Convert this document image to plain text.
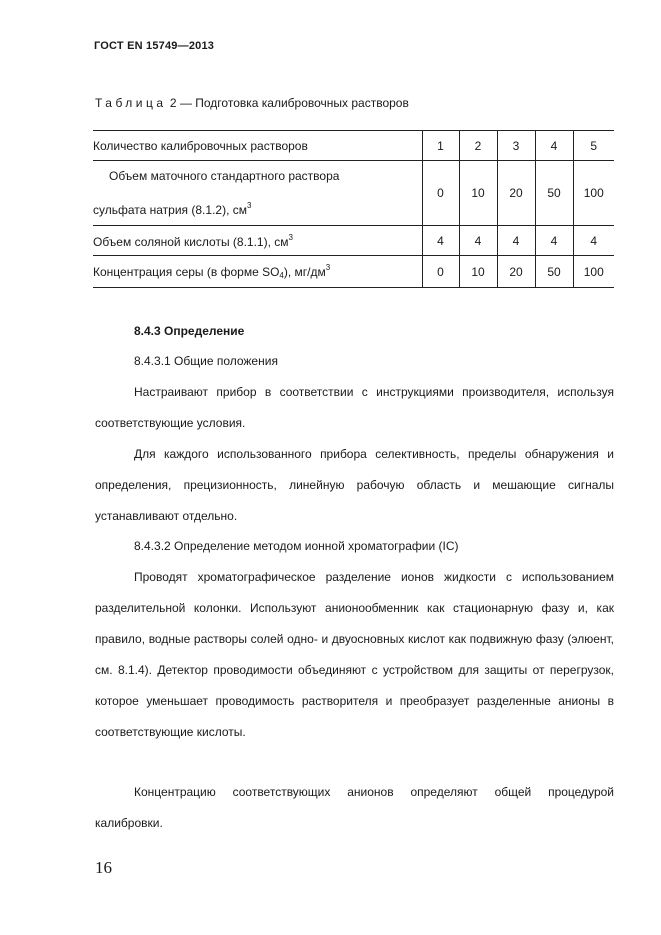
ГОСТ EN 15749—2013
Таблица 2 — Подготовка калибровочных растворов
Количество калибровочных растворов	1	2	3	4	5

Объем маточного стандартного раствора
сульфата натрия (8.1.2), $см^3$	0	10	20	50	100
Объем соляной кислоты (8.1.1), $см^3$	4	4	4	4	4
Концентрация серы (в форме $SO_4$), $мг/дм^3$	0	10	20	50	100
8.4.3 Определение
8.4.3.1 Общие положения
Настраивают прибор в соответствии с инструкциями производителя, используя соответствующие условия.
Для каждого использованного прибора селективность, пределы обнаружения и определения, прецизионность, линейную рабочую область и мешающие сигналы устанавливают отдельно.
8.4.3.2 Определение методом ионной хроматографии (IC)
Проводят хроматографическое разделение ионов жидкости с использованием разделительной колонки. Используют анионообменник как стационарную фазу и, как правило, водные растворы солей одно- и двуосновных кислот как подвижную фазу (элюент, см. 8.1.4). Детектор проводимости объединяют с устройством для защиты от перегрузок, которое уменьшает проводимость растворителя и преобразует разделенные анионы в соответствующие кислоты.
Концентрацию соответствующих анионов определяют общей процедурой калибровки.
16
